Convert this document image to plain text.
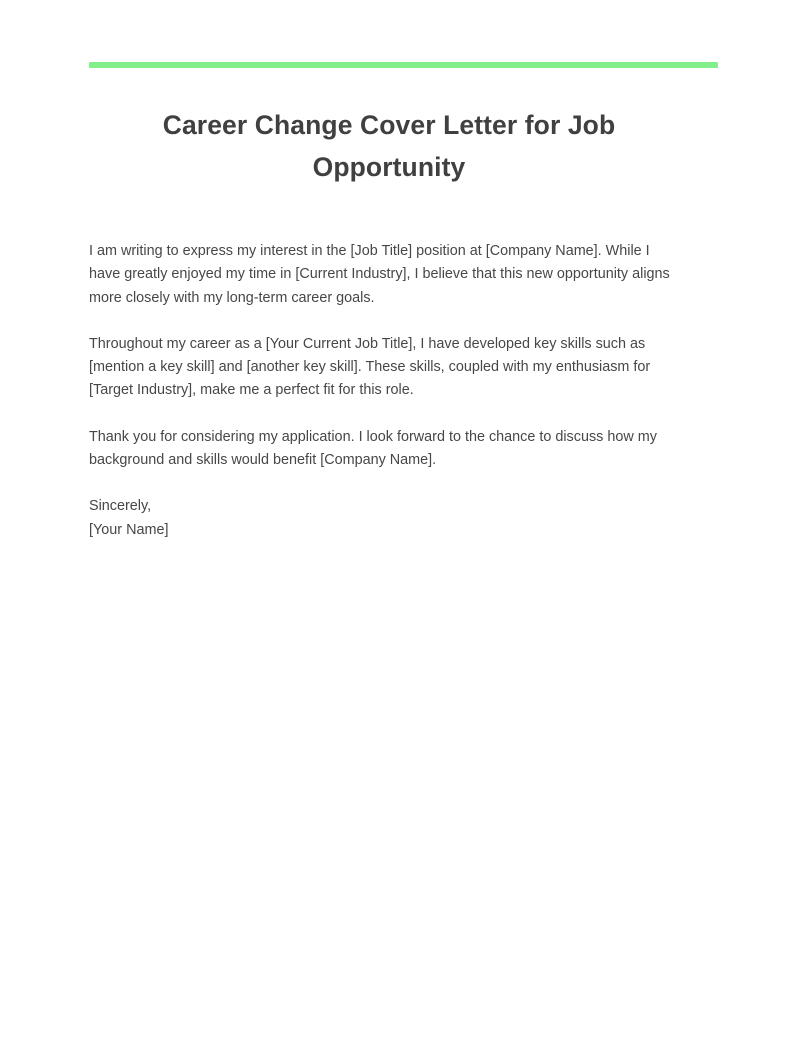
Career Change Cover Letter for Job Opportunity

I am writing to express my interest in the [Job Title] position at [Company Name]. While I have greatly enjoyed my time in [Current Industry], I believe that this new opportunity aligns more closely with my long-term career goals.

Throughout my career as a [Your Current Job Title], I have developed key skills such as [mention a key skill] and [another key skill]. These skills, coupled with my enthusiasm for [Target Industry], make me a perfect fit for this role.

Thank you for considering my application. I look forward to the chance to discuss how my background and skills would benefit [Company Name].

Sincerely,
[Your Name]
